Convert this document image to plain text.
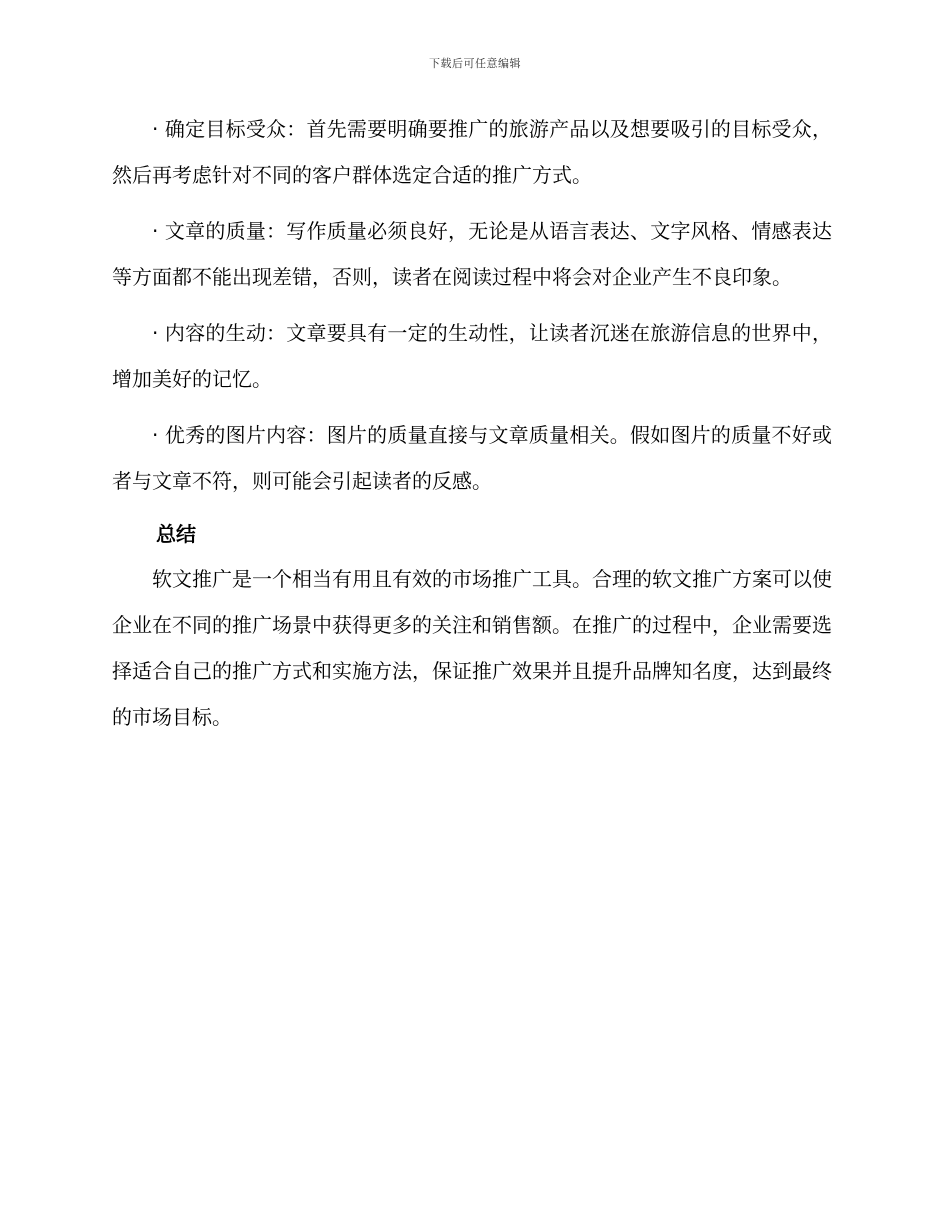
下载后可任意编辑

· 确定目标受众：首先需要明确要推广的旅游产品以及想要吸引的目标受众，然后再考虑针对不同的客户群体选定合适的推广方式。

· 文章的质量：写作质量必须良好，无论是从语言表达、文字风格、情感表达等方面都不能出现差错，否则，读者在阅读过程中将会对企业产生不良印象。

· 内容的生动：文章要具有一定的生动性，让读者沉迷在旅游信息的世界中，增加美好的记忆。

· 优秀的图片内容：图片的质量直接与文章质量相关。假如图片的质量不好或者与文章不符，则可能会引起读者的反感。

总结

软文推广是一个相当有用且有效的市场推广工具。合理的软文推广方案可以使企业在不同的推广场景中获得更多的关注和销售额。在推广的过程中，企业需要选择适合自己的推广方式和实施方法，保证推广效果并且提升品牌知名度，达到最终的市场目标。
